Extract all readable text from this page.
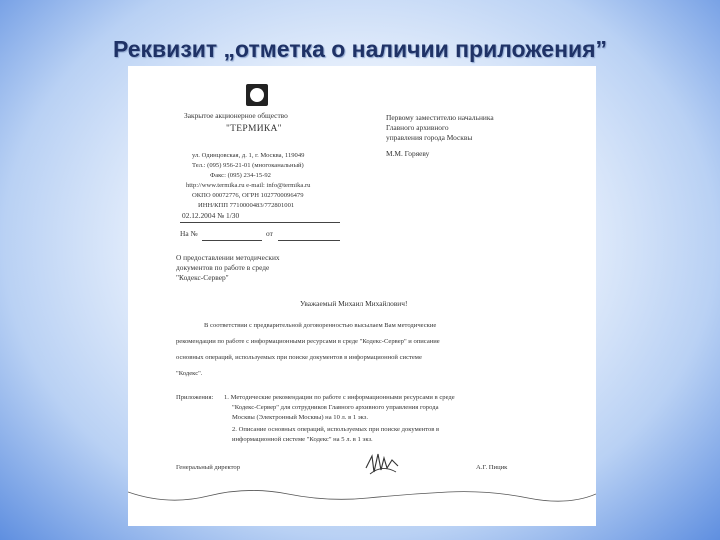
Реквизит „отметка о наличии приложения”
Закрытое акционерное общество
"ТЕРМИКА"
ул. Одинцовская, д. 1, г. Москва, 119049
Тел.: (095) 956-21-01 (многоканальный)
Факс: (095) 234-15-92
http://www.termika.ru e-mail: info@termika.ru
ОКПО 00072776, ОГРН 1027700096479
ИНН/КПП 7710000483/772801001
02.12.2004 № 1/30
На №	от
Первому заместителю начальника
Главного архивного
управления города Москвы
М.М. Горяеву
О предоставлении методических
документов по работе в среде
"Кодекс-Сервер"
Уважаемый Михаил Михайлович!
В соответствии с предварительной договоренностью высылаем Вам методические
рекомендации по работе с информационными ресурсами в среде "Кодекс-Сервер" и описание
основных операций, используемых при поиске документов в информационной системе
"Кодекс".
Приложения: 1. Методические рекомендации по работе с информационными ресурсами в среде
"Кодекс-Сервер" для сотрудников Главного архивного управления города
Москвы (Электронный Москвы) на 10 л. в 1 экз.
2. Описание основных операций, используемых при поиске документов в
информационной системе "Кодекс" на 5 л. в 1 экз.
Генеральный директор	А.Г. Пицик
